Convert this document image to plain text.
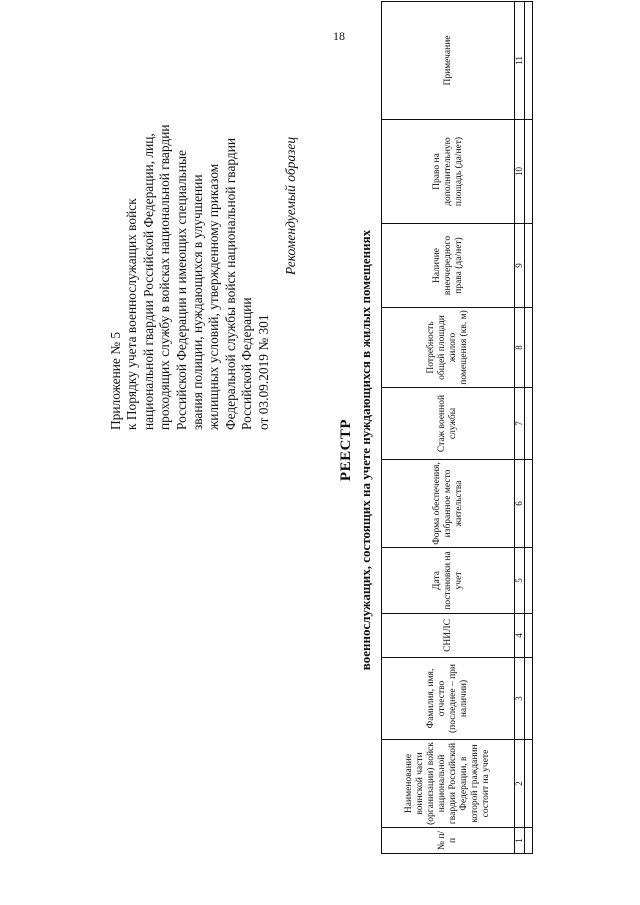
18
Приложение № 5 к Порядку учета военнослужащих войск национальной гвардии Российской Федерации, лиц, проходящих службу в войсках национальной гвардии Российской Федерации и имеющих специальные звания полиции, нуждающихся в улучшении жилищных условий, утвержденному приказом Федеральной службы войск национальной гвардии Российской Федерации от 03.09.2019 № 301
Рекомендуемый образец
РЕЕСТР военнослужащих, состоящих на учете нуждающихся в жилых помещениях
№ п/п	Наименование воинской части (организации) войск национальной гвардии Российской Федерации, в которой гражданин состоит на учете	Фамилия, имя, отчество (последнее – при наличии)	СНИЛС	Дата постановки на учет	Форма обеспечения, избранное место жительства	Стаж военной службы	Потребность общей площади жилого помещения (кв. м)	Наличие внеочередного права (да/нет)	Право на дополнительную площадь (да/нет)	Примечание
1	2	3	4	5	6	7	8	9	10	11
